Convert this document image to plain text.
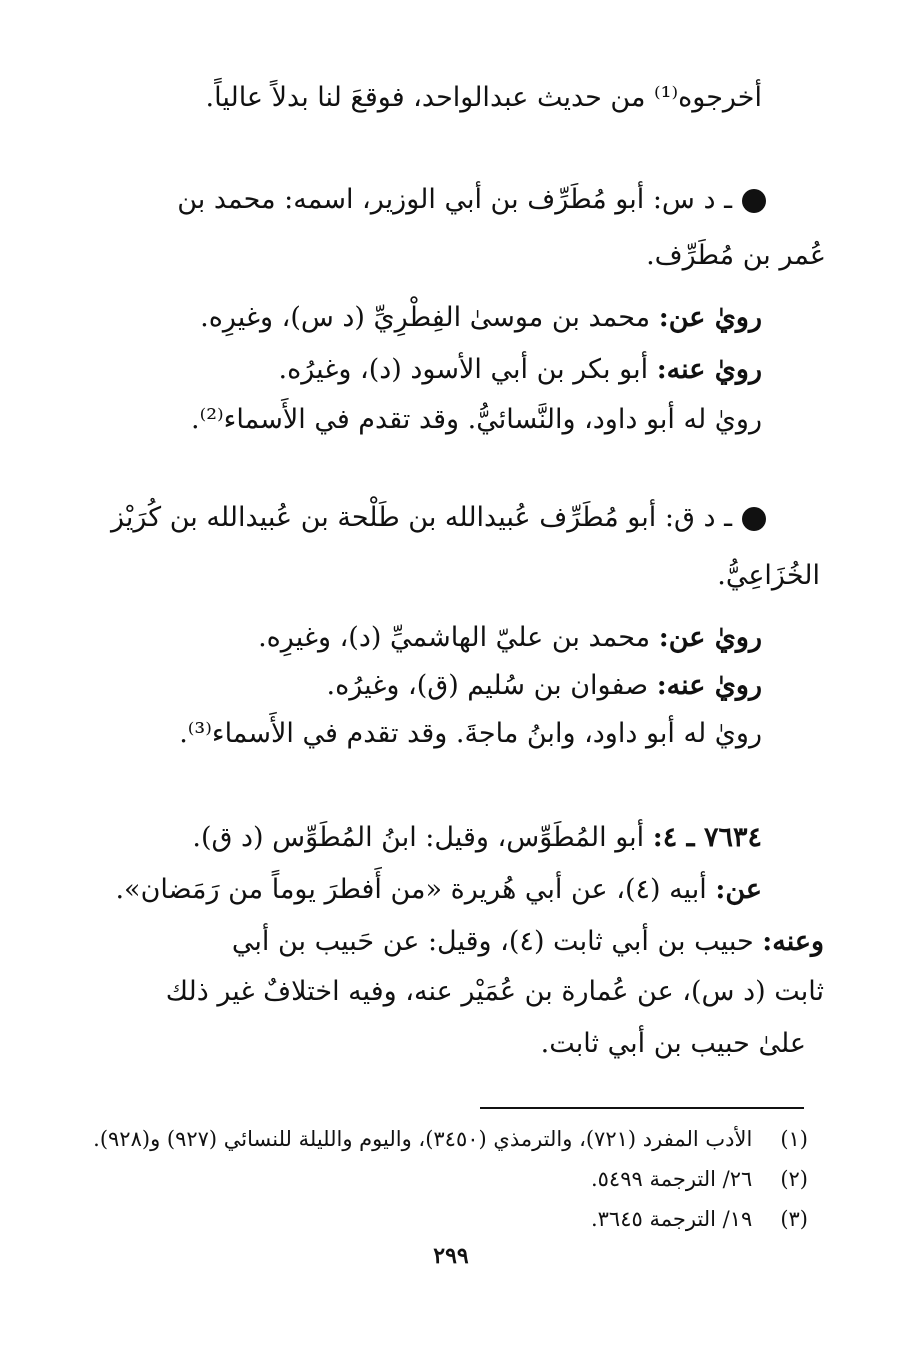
أخرجوه⁽¹⁾ من حديث عبدالواحد، فوقعَ لنا بدلاً عالياً.
ـ د س: أبو مُطَرِّف بن أبي الوزير، اسمه: محمد بن
عُمر بن مُطَرِّف.
رويٰ عن: محمد بن موسىٰ الفِطْرِيِّ (د س)، وغيرِه.
رويٰ عنه: أبو بكر بن أبي الأسود (د)، وغيرُه.
رويٰ له أبو داود، والنَّسائيُّ. وقد تقدم في الأَسماء⁽²⁾.
ـ د ق: أبو مُطَرِّف عُبيدالله بن طَلْحة بن عُبيدالله بن كُرَيْز
الخُزَاعِيُّ.
رويٰ عن: محمد بن عليّ الهاشميِّ (د)، وغيرِه.
رويٰ عنه: صفوان بن سُليم (ق)، وغيرُه.
رويٰ له أبو داود، وابنُ ماجةَ. وقد تقدم في الأَسماء⁽³⁾.
٧٦٣٤ ـ ٤: أبو المُطَوِّس، وقيل: ابنُ المُطَوِّس (د ق).
عن: أبيه (٤)، عن أبي هُريرة «من أَفطرَ يوماً من رَمَضان».
وعنه: حبيب بن أبي ثابت (٤)، وقيل: عن حَبيب بن أبي
ثابت (د س)، عن عُمارة بن عُمَيْر عنه، وفيه اختلافٌ غير ذلك
علىٰ حبيب بن أبي ثابت.
(١)الأدب المفرد (٧٢١)، والترمذي (٣٤٥٠)، واليوم والليلة للنسائي (٩٢٧) و(٩٢٨).
(٢)٢٦/ الترجمة ٥٤٩٩.
(٣)١٩/ الترجمة ٣٦٤٥.
٢٩٩
